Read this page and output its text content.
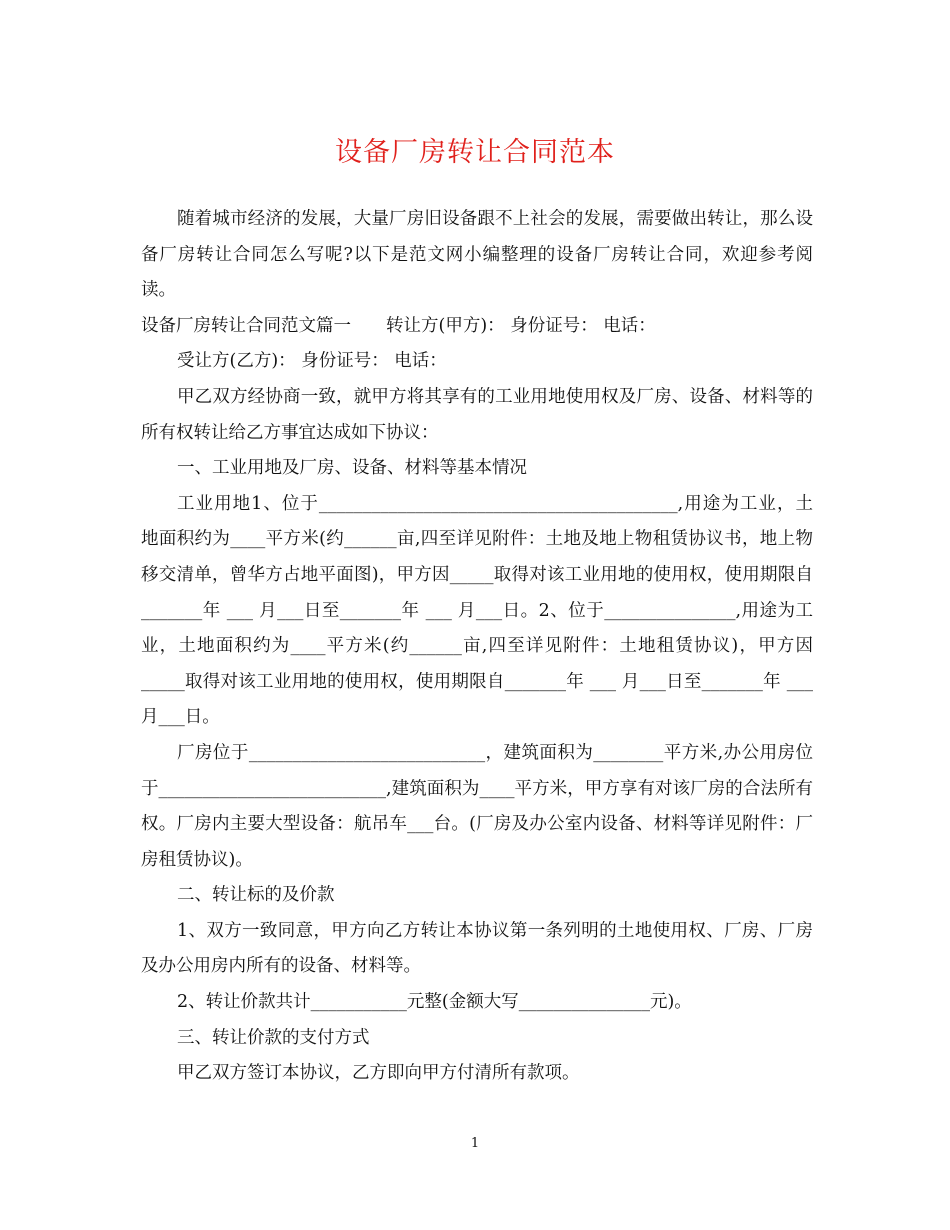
设备厂房转让合同范本

随着城市经济的发展，大量厂房旧设备跟不上社会的发展，需要做出转让，那么设备厂房转让合同怎么写呢?以下是范文网小编整理的设备厂房转让合同，欢迎参考阅读。

设备厂房转让合同范文篇一　　转让方(甲方)： 身份证号： 电话：

受让方(乙方)： 身份证号： 电话：

甲乙双方经协商一致，就甲方将其享有的工业用地使用权及厂房、设备、材料等的所有权转让给乙方事宜达成如下协议：

一、工业用地及厂房、设备、材料等基本情况

工业用地1、位于_________________________________________,用途为工业，土地面积约为____平方米(约______亩,四至详见附件：土地及地上物租赁协议书，地上物移交清单，曾华方占地平面图)，甲方因_____取得对该工业用地的使用权，使用期限自_______年 ___ 月___日至_______年 ___ 月___日。2、位于_______________,用途为工业，土地面积约为____平方米(约______亩,四至详见附件：土地租赁协议)，甲方因_____取得对该工业用地的使用权，使用期限自_______年 ___ 月___日至_______年 ___ 月___日。

厂房位于___________________________，建筑面积为________平方米,办公用房位于__________________________,建筑面积为____平方米，甲方享有对该厂房的合法所有权。厂房内主要大型设备：航吊车___台。(厂房及办公室内设备、材料等详见附件：厂房租赁协议)。

二、转让标的及价款

1、双方一致同意，甲方向乙方转让本协议第一条列明的土地使用权、厂房、厂房及办公用房内所有的设备、材料等。

2、转让价款共计___________元整(金额大写_______________元)。

三、转让价款的支付方式

甲乙双方签订本协议，乙方即向甲方付清所有款项。

1
